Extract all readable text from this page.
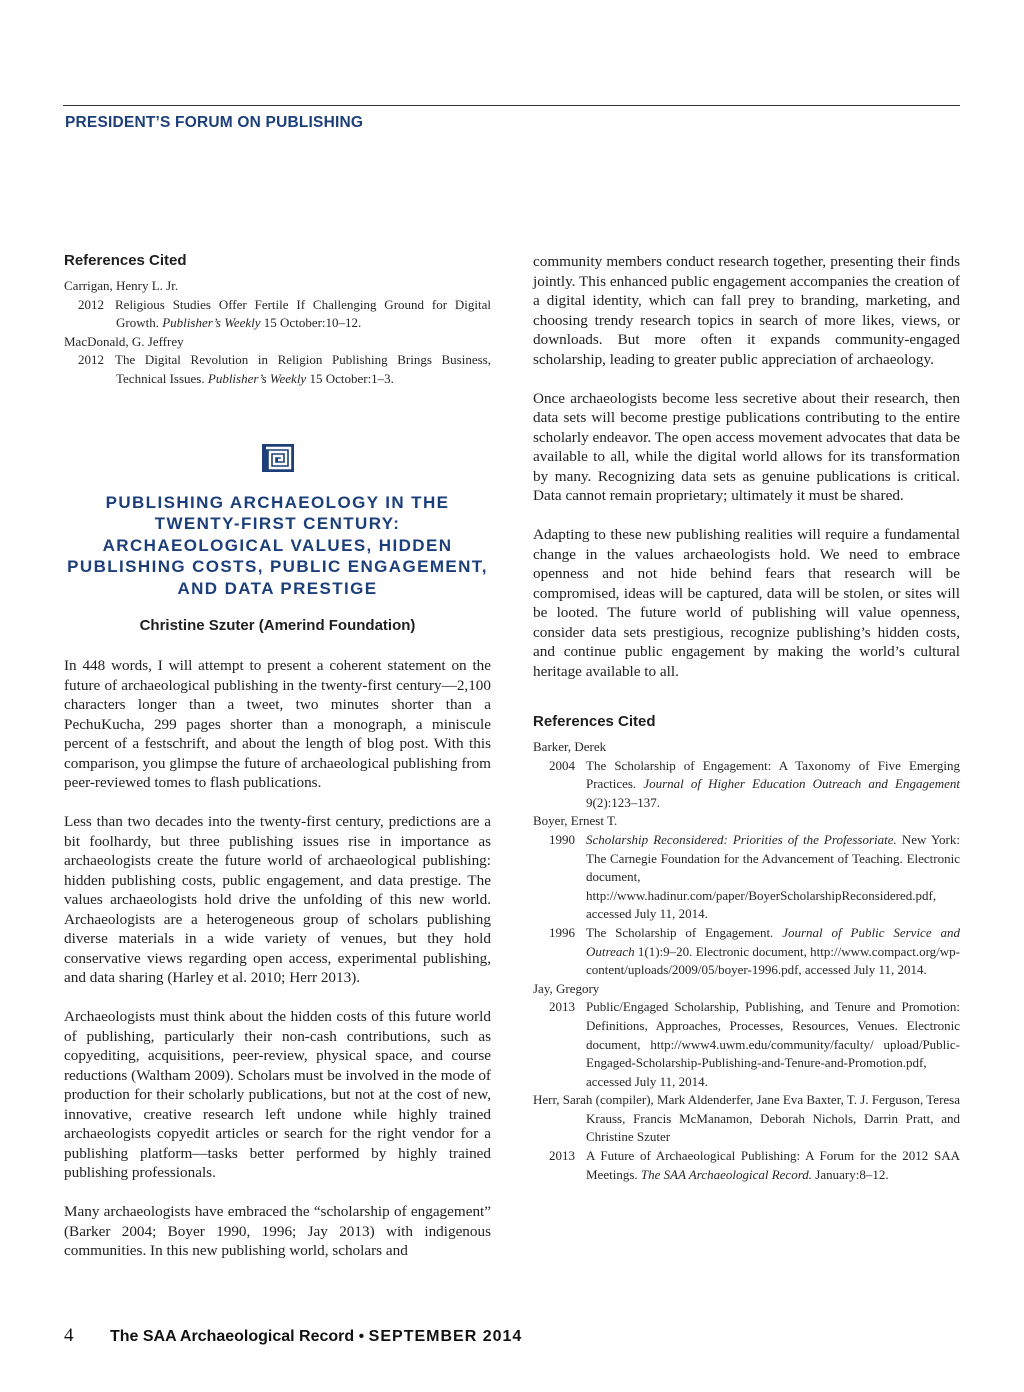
PRESIDENT’S FORUM ON PUBLISHING
References Cited

Carrigan, Henry L. Jr.

2012 Religious Studies Offer Fertile If Challenging Ground for Digital Growth. Publisher’s Weekly 15 October:10–12.

MacDonald, G. Jeffrey

2012 The Digital Revolution in Religion Publishing Brings Business, Technical Issues. Publisher’s Weekly 15 October:1–3.

PUBLISHING ARCHAEOLOGY IN THE TWENTY-FIRST CENTURY: ARCHAEOLOGICAL VALUES, HIDDEN PUBLISHING COSTS, PUBLIC ENGAGEMENT, AND DATA PRESTIGE
Christine Szuter (Amerind Foundation)

In 448 words, I will attempt to present a coherent statement on the future of archaeological publishing in the twenty-first century—2,100 characters longer than a tweet, two minutes shorter than a PechuKucha, 299 pages shorter than a monograph, a miniscule percent of a festschrift, and about the length of blog post. With this comparison, you glimpse the future of archaeological publishing from peer-reviewed tomes to flash publications.

Less than two decades into the twenty-first century, predictions are a bit foolhardy, but three publishing issues rise in importance as archaeologists create the future world of archaeological publishing: hidden publishing costs, public engagement, and data prestige. The values archaeologists hold drive the unfolding of this new world. Archaeologists are a heterogeneous group of scholars publishing diverse materials in a wide variety of venues, but they hold conservative views regarding open access, experimental publishing, and data sharing (Harley et al. 2010; Herr 2013).

Archaeologists must think about the hidden costs of this future world of publishing, particularly their non-cash contributions, such as copyediting, acquisitions, peer-review, physical space, and course reductions (Waltham 2009). Scholars must be involved in the mode of production for their scholarly publications, but not at the cost of new, innovative, creative research left undone while highly trained archaeologists copyedit articles or search for the right vendor for a publishing platform—tasks better performed by highly trained publishing professionals.

Many archaeologists have embraced the “scholarship of engagement” (Barker 2004; Boyer 1990, 1996; Jay 2013) with indigenous communities. In this new publishing world, scholars and

community members conduct research together, presenting their finds jointly. This enhanced public engagement accompanies the creation of a digital identity, which can fall prey to branding, marketing, and choosing trendy research topics in search of more likes, views, or downloads. But more often it expands community-engaged scholarship, leading to greater public appreciation of archaeology.

Once archaeologists become less secretive about their research, then data sets will become prestige publications contributing to the entire scholarly endeavor. The open access movement advocates that data be available to all, while the digital world allows for its transformation by many. Recognizing data sets as genuine publications is critical. Data cannot remain proprietary; ultimately it must be shared.

Adapting to these new publishing realities will require a fundamental change in the values archaeologists hold. We need to embrace openness and not hide behind fears that research will be compromised, ideas will be captured, data will be stolen, or sites will be looted. The future world of publishing will value openness, consider data sets prestigious, recognize publishing’s hidden costs, and continue public engagement by making the world’s cultural heritage available to all.

References Cited

Barker, Derek

2004 The Scholarship of Engagement: A Taxonomy of Five Emerging Practices. Journal of Higher Education Outreach and Engagement 9(2):123–137.

Boyer, Ernest T.

1990 Scholarship Reconsidered: Priorities of the Professoriate. New York: The Carnegie Foundation for the Advancement of Teaching. Electronic document, http://www.hadinur.com/paper/BoyerScholarshipReconsidered.pdf, accessed July 11, 2014.

1996 The Scholarship of Engagement. Journal of Public Service and Outreach 1(1):9–20. Electronic document, http://www.compact.org/wp-content/uploads/2009/05/boyer-1996.pdf, accessed July 11, 2014.

Jay, Gregory

2013 Public/Engaged Scholarship, Publishing, and Tenure and Promotion: Definitions, Approaches, Processes, Resources, Venues. Electronic document, http://www4.uwm.edu/community/faculty/ upload/Public-Engaged-Scholarship-Publishing-and-Tenure-and-Promotion.pdf, accessed July 11, 2014.

Herr, Sarah (compiler), Mark Aldenderfer, Jane Eva Baxter, T. J. Ferguson, Teresa Krauss, Francis McManamon, Deborah Nichols, Darrin Pratt, and Christine Szuter

2013 A Future of Archaeological Publishing: A Forum for the 2012 SAA Meetings. The SAA Archaeological Record. January:8–12.

4 The SAA Archaeological Record • SEPTEMBER 2014
